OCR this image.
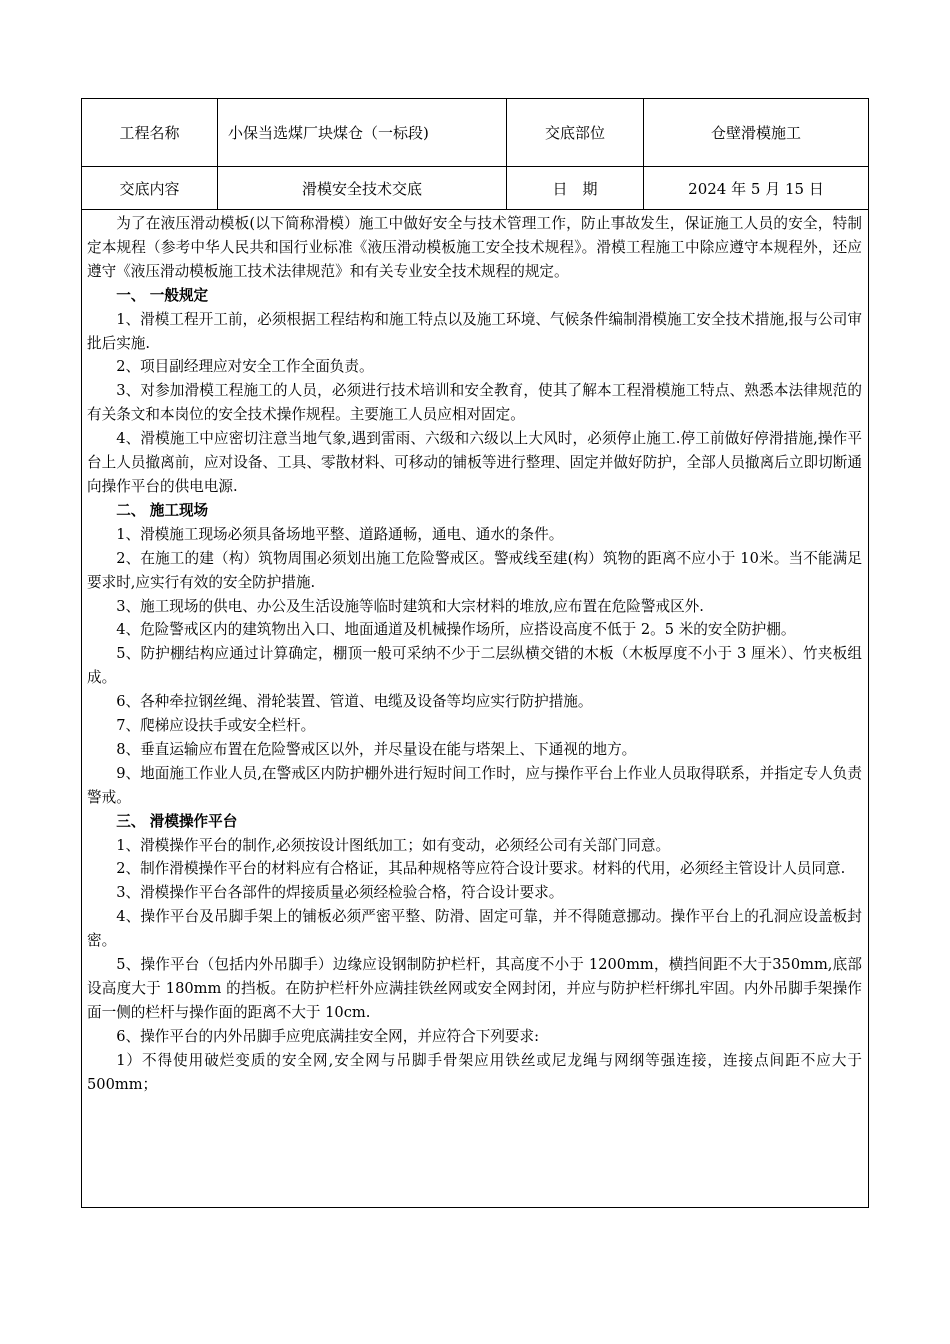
工程名称	小保当选煤厂块煤仓（一标段)	交底部位	仓壁滑模施工
交底内容	滑模安全技术交底	日　期	2024 年 5 月 15 日

为了在液压滑动模板(以下简称滑模）施工中做好安全与技术管理工作，防止事故发生，保证施工人员的安全，特制定本规程（参考中华人民共和国行业标准《液压滑动模板施工安全技术规程》。滑模工程施工中除应遵守本规程外，还应遵守《液压滑动模板施工技术法律规范》和有关专业安全技术规程的规定。

一、 一般规定

1、滑模工程开工前，必须根据工程结构和施工特点以及施工环境、气候条件编制滑模施工安全技术措施,报与公司审批后实施.

2、项目副经理应对安全工作全面负责。

3、对参加滑模工程施工的人员，必须进行技术培训和安全教育，使其了解本工程滑模施工特点、熟悉本法律规范的有关条文和本岗位的安全技术操作规程。主要施工人员应相对固定。

4、滑模施工中应密切注意当地气象,遇到雷雨、六级和六级以上大风时，必须停止施工.停工前做好停滑措施,操作平台上人员撤离前，应对设备、工具、零散材料、可移动的铺板等进行整理、固定并做好防护，全部人员撤离后立即切断通向操作平台的供电电源.

二、 施工现场

1、滑模施工现场必须具备场地平整、道路通畅，通电、通水的条件。

2、在施工的建（构）筑物周围必须划出施工危险警戒区。警戒线至建(构）筑物的距离不应小于 10米。当不能满足要求时,应实行有效的安全防护措施.

3、施工现场的供电、办公及生活设施等临时建筑和大宗材料的堆放,应布置在危险警戒区外.

4、危险警戒区内的建筑物出入口、地面通道及机械操作场所，应搭设高度不低于 2。5 米的安全防护棚。

5、防护棚结构应通过计算确定，棚顶一般可采纳不少于二层纵横交错的木板（木板厚度不小于 3 厘米）、竹夹板组成。

6、各种牵拉钢丝绳、滑轮装置、管道、电缆及设备等均应实行防护措施。

7、爬梯应设扶手或安全栏杆。

8、垂直运输应布置在危险警戒区以外，并尽量设在能与塔架上、下通视的地方。

9、地面施工作业人员,在警戒区内防护棚外进行短时间工作时，应与操作平台上作业人员取得联系，并指定专人负责警戒。

三、 滑模操作平台

1、滑模操作平台的制作,必须按设计图纸加工；如有变动，必须经公司有关部门同意。

2、制作滑模操作平台的材料应有合格证，其品种规格等应符合设计要求。材料的代用，必须经主管设计人员同意.

3、滑模操作平台各部件的焊接质量必须经检验合格，符合设计要求。

4、操作平台及吊脚手架上的铺板必须严密平整、防滑、固定可靠，并不得随意挪动。操作平台上的孔洞应设盖板封密。

5、操作平台（包括内外吊脚手）边缘应设钢制防护栏杆，其高度不小于 1200mm，横挡间距不大于350mm,底部设高度大于 180mm 的挡板。在防护栏杆外应满挂铁丝网或安全网封闭，并应与防护栏杆绑扎牢固。内外吊脚手架操作面一侧的栏杆与操作面的距离不大于 10cm.

6、操作平台的内外吊脚手应兜底满挂安全网，并应符合下列要求:

1）不得使用破烂变质的安全网,安全网与吊脚手骨架应用铁丝或尼龙绳与网纲等强连接，连接点间距不应大于 500mm；
